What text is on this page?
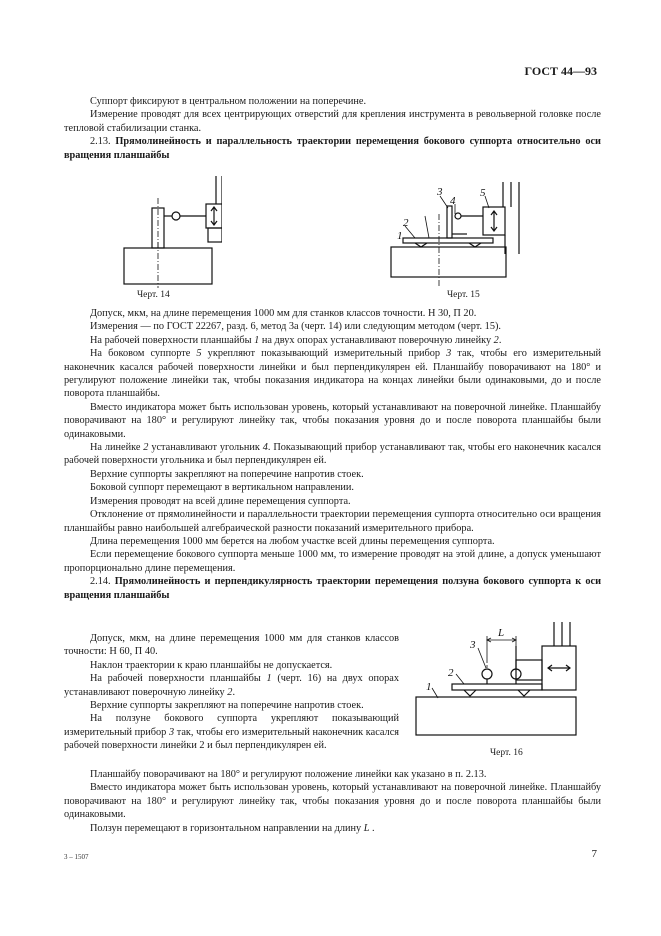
ГОСТ 44—93

Суппорт фиксируют в центральном положении на поперечине.

Измерение проводят для всех центрирующих отверстий для крепления инструмента в револьверной головке после тепловой стабилизации станка.

2.13. Прямолинейность и параллельность траектории перемещения бокового суппорта относительно оси вращения планшайбы

Черт. 14
1
2
3
4
5
Черт. 15

Допуск, мкм, на длине перемещения 1000 мм для станков классов точности. Н 30, П 20.

Измерения — по ГОСТ 22267, разд. 6, метод 3а (черт. 14) или следующим методом (черт. 15).

На рабочей поверхности планшайбы 1 на двух опорах устанавливают поверочную линейку 2.

На боковом суппорте 5 укрепляют показывающий измерительный прибор 3 так, чтобы его измерительный наконечник касался рабочей поверхности линейки и был перпендикулярен ей. Планшайбу поворачивают на 180° и регулируют положение линейки так, чтобы показания индикатора на концах линейки были одинаковыми, до и после поворота планшайбы.

Вместо индикатора может быть использован уровень, который устанавливают на поверочной линейке. Планшайбу поворачивают на 180° и регулируют линейку так, чтобы показания уровня до и после поворота планшайбы были одинаковыми.

На линейке 2 устанавливают угольник 4. Показывающий прибор устанавливают так, чтобы его наконечник касался рабочей поверхности угольника и был перпендикулярен ей.

Верхние суппорты закрепляют на поперечине напротив стоек.

Боковой суппорт перемещают в вертикальном направлении.

Измерения проводят на всей длине перемещения суппорта.

Отклонение от прямолинейности и параллельности траектории перемещения суппорта относительно оси вращения планшайбы равно наибольшей алгебраической разности показаний измерительного прибора.

Длина перемещения 1000 мм берется на любом участке всей длины перемещения суппорта.

Если перемещение бокового суппорта меньше 1000 мм, то измерение проводят на этой длине, а допуск уменьшают пропорционально длине перемещения.

2.14. Прямолинейность и перпендикулярность траектории перемещения ползуна бокового суппорта к оси вращения планшайбы

Допуск, мкм, на длине перемещения 1000 мм для станков классов точности: Н 60, П 40.

Наклон траектории к краю планшайбы не допускается.

На рабочей поверхности планшайбы 1 (черт. 16) на двух опорах устанавливают поверочную линейку 2.

Верхние суппорты закрепляют на поперечине напротив стоек.

На ползуне бокового суппорта укрепляют показывающий измерительный прибор 3 так, чтобы его измерительный наконечник касался рабочей поверхности линейки 2 и был перпендикулярен ей.

1
2
3
L
Черт. 16

Планшайбу поворачивают на 180° и регулируют положение линейки как указано в п. 2.13.

Вместо индикатора может быть использован уровень, который устанавливают на поверочной линейке. Планшайбу поворачивают на 180° и регулируют линейку так, чтобы показания уровня до и после поворота планшайбы были одинаковыми.

Ползун перемещают в горизонтальном направлении на длину L .

3 – 1507	7
